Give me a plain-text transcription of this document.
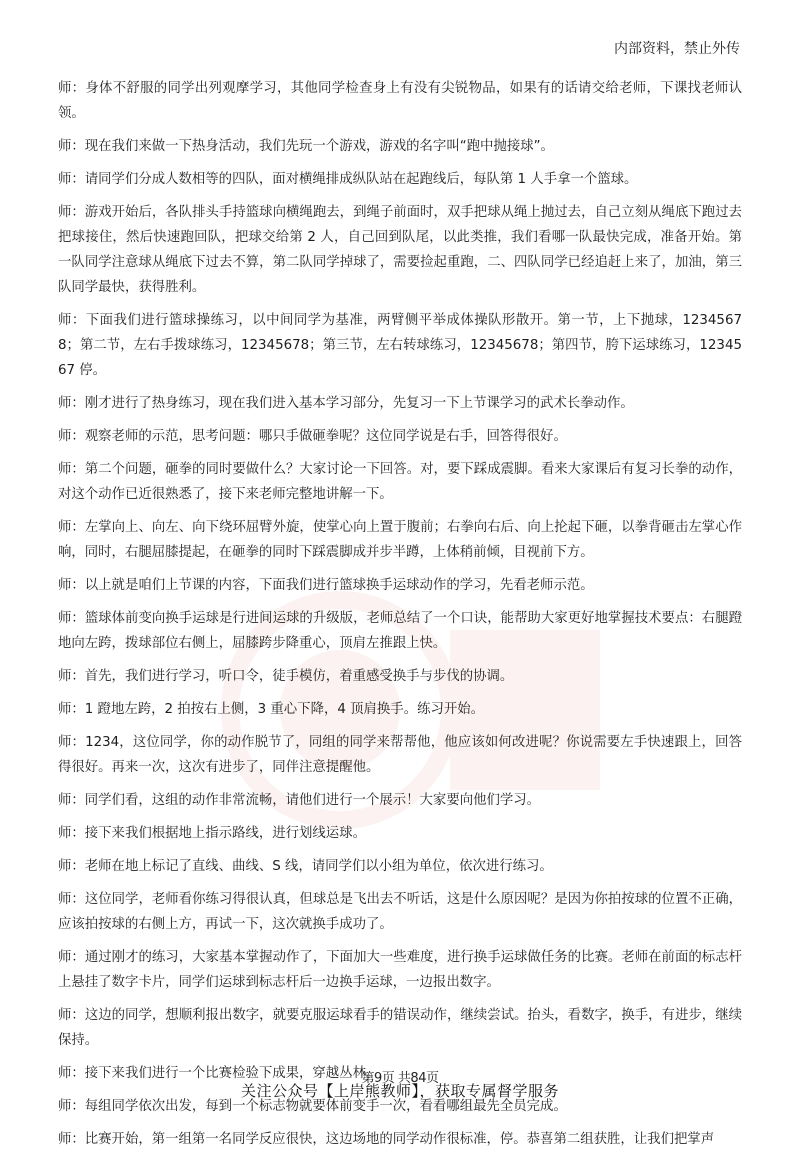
内部资料，禁止外传

师：身体不舒服的同学出列观摩学习，其他同学检查身上有没有尖锐物品，如果有的话请交给老师，下课找老师认领。

师：现在我们来做一下热身活动，我们先玩一个游戏，游戏的名字叫“跑中抛接球”。

师：请同学们分成人数相等的四队，面对横绳排成纵队站在起跑线后，每队第 1 人手拿一个篮球。

师：游戏开始后，各队排头手持篮球向横绳跑去，到绳子前面时，双手把球从绳上抛过去，自己立刻从绳底下跑过去把球接住，然后快速跑回队，把球交给第 2 人，自己回到队尾，以此类推，我们看哪一队最快完成，准备开始。第一队同学注意球从绳底下过去不算，第二队同学掉球了，需要捡起重跑，二、四队同学已经追赶上来了，加油，第三队同学最快，获得胜利。

师：下面我们进行篮球操练习，以中间同学为基准，两臂侧平举成体操队形散开。第一节，上下抛球，12345678；第二节，左右手拨球练习，12345678；第三节，左右转球练习，12345678；第四节，胯下运球练习，1234567 停。

师：刚才进行了热身练习，现在我们进入基本学习部分，先复习一下上节课学习的武术长拳动作。

师：观察老师的示范，思考问题：哪只手做砸拳呢？这位同学说是右手，回答得很好。

师：第二个问题，砸拳的同时要做什么？大家讨论一下回答。对，要下踩成震脚。看来大家课后有复习长拳的动作，对这个动作已近很熟悉了，接下来老师完整地讲解一下。

师：左掌向上、向左、向下绕环屈臂外旋，使掌心向上置于腹前；右拳向右后、向上抡起下砸，以拳背砸击左掌心作响，同时，右腿屈膝提起，在砸拳的同时下踩震脚成并步半蹲，上体稍前倾，目视前下方。

师：以上就是咱们上节课的内容，下面我们进行篮球换手运球动作的学习，先看老师示范。

师：篮球体前变向换手运球是行进间运球的升级版，老师总结了一个口诀，能帮助大家更好地掌握技术要点：右腿蹬地向左跨，拨球部位右侧上，屈膝跨步降重心，顶肩左推跟上快。

师：首先，我们进行学习，听口令，徒手模仿，着重感受换手与步伐的协调。

师：1 蹬地左跨，2 拍按右上侧，3 重心下降，4 顶肩换手。练习开始。

师：1234，这位同学，你的动作脱节了，同组的同学来帮帮他，他应该如何改进呢？你说需要左手快速跟上，回答得很好。再来一次，这次有进步了，同伴注意提醒他。

师：同学们看，这组的动作非常流畅，请他们进行一个展示！大家要向他们学习。

师：接下来我们根据地上指示路线，进行划线运球。

师：老师在地上标记了直线、曲线、S 线，请同学们以小组为单位，依次进行练习。

师：这位同学，老师看你练习得很认真，但球总是飞出去不听话，这是什么原因呢？是因为你拍按球的位置不正确，应该拍按球的右侧上方，再试一下，这次就换手成功了。

师：通过刚才的练习，大家基本掌握动作了，下面加大一些难度，进行换手运球做任务的比赛。老师在前面的标志杆上悬挂了数字卡片，同学们运球到标志杆后一边换手运球，一边报出数字。

师：这边的同学，想顺利报出数字，就要克服运球看手的错误动作，继续尝试。抬头，看数字，换手，有进步，继续保持。

师：接下来我们进行一个比赛检验下成果，穿越丛林。

师：每组同学依次出发，每到一个标志物就要体前变手一次，看看哪组最先全员完成。

师：比赛开始，第一组第一名同学反应很快，这边场地的同学动作很标准，停。恭喜第二组获胜，让我们把掌声

第9页 共84页
关注公众号【上岸熊教师】，获取专属督学服务
